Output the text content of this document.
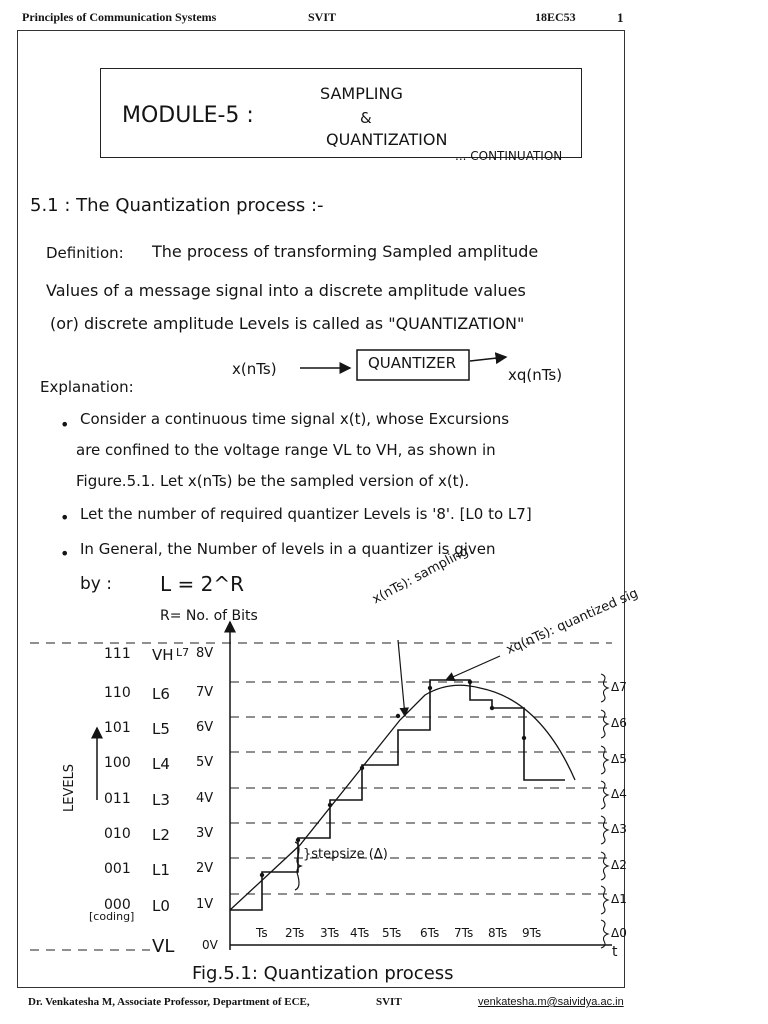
Principles of Communication Systems	SVIT	18EC53	1
MODULE-5 :
SAMPLING
&
QUANTIZATION
... CONTINUATION
5.1 : The Quantization process :-
Definition: The process of transforming Sampled amplitude
Values of a message signal into a discrete amplitude values
(or) discrete amplitude Levels is called as "QUANTIZATION"
x(nTs)	QUANTIZER
xq(nTs)
Explanation:
• Consider a continuous time signal x(t), whose Excursions
are confined to the voltage range VL to VH, as shown in
Figure.5.1. Let x(nTs) be the sampled version of x(t).
• Let the number of required quantizer Levels is '8'. [L0 to L7]
• In General, the Number of levels in a quantizer is given
by : L = 2^R
R= No. of Bits
LEVELS
111 VH L7 8V
110 L6 7V
101 L5 6V
100 L4 5V
011 L3 4V
010 L2 3V
001 L1 2V
000 L0 1V
[coding]
VL 0V
Ts 2Ts 3Ts 4Ts 5Ts 6Ts 7Ts 8Ts 9Ts
t
x(nTs): sampling
xq(nTs): quantized sig
}stepsize (Δ)
Δ7
Δ6
Δ5
Δ4
Δ3
Δ2
Δ1
Δ0
Fig.5.1: Quantization process
Dr. Venkatesha M, Associate Professor, Department of ECE,	SVIT	venkatesha.m@saividya.ac.in
